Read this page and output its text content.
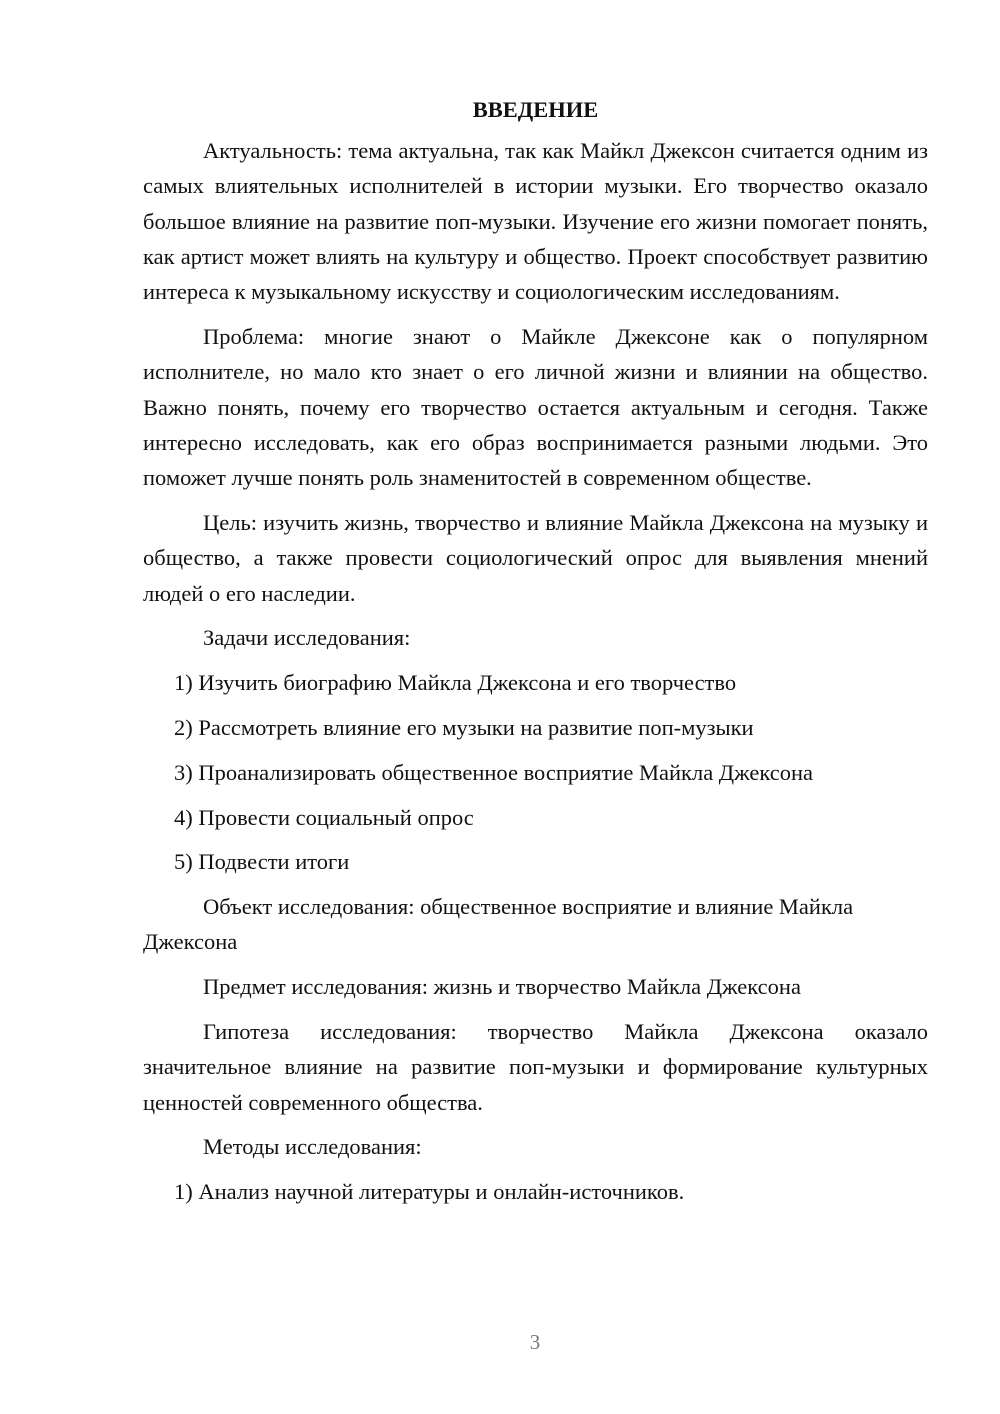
ВВЕДЕНИЕ

Актуальность: тема актуальна, так как Майкл Джексон считается одним из самых влиятельных исполнителей в истории музыки. Его творчество оказало большое влияние на развитие поп-музыки. Изучение его жизни помогает понять, как артист может влиять на культуру и общество. Проект способствует развитию интереса к музыкальному искусству и социологическим исследованиям.

Проблема: многие знают о Майкле Джексоне как о популярном исполнителе, но мало кто знает о его личной жизни и влиянии на общество. Важно понять, почему его творчество остается актуальным и сегодня. Также интересно исследовать, как его образ воспринимается разными людьми. Это поможет лучше понять роль знаменитостей в современном обществе.

Цель: изучить жизнь, творчество и влияние Майкла Джексона на музыку и общество, а также провести социологический опрос для выявления мнений людей о его наследии.

Задачи исследования:

1) Изучить биографию Майкла Джексона и его творчество
2) Рассмотреть влияние его музыки на развитие поп-музыки
3) Проанализировать общественное восприятие Майкла Джексона
4) Провести социальный опрос
5) Подвести итоги

Объект исследования: общественное восприятие и влияние Майкла Джексона

Предмет исследования: жизнь и творчество Майкла Джексона

Гипотеза исследования: творчество Майкла Джексона оказало значительное влияние на развитие поп-музыки и формирование культурных ценностей современного общества.

Методы исследования:

1) Анализ научной литературы и онлайн-источников.
3
